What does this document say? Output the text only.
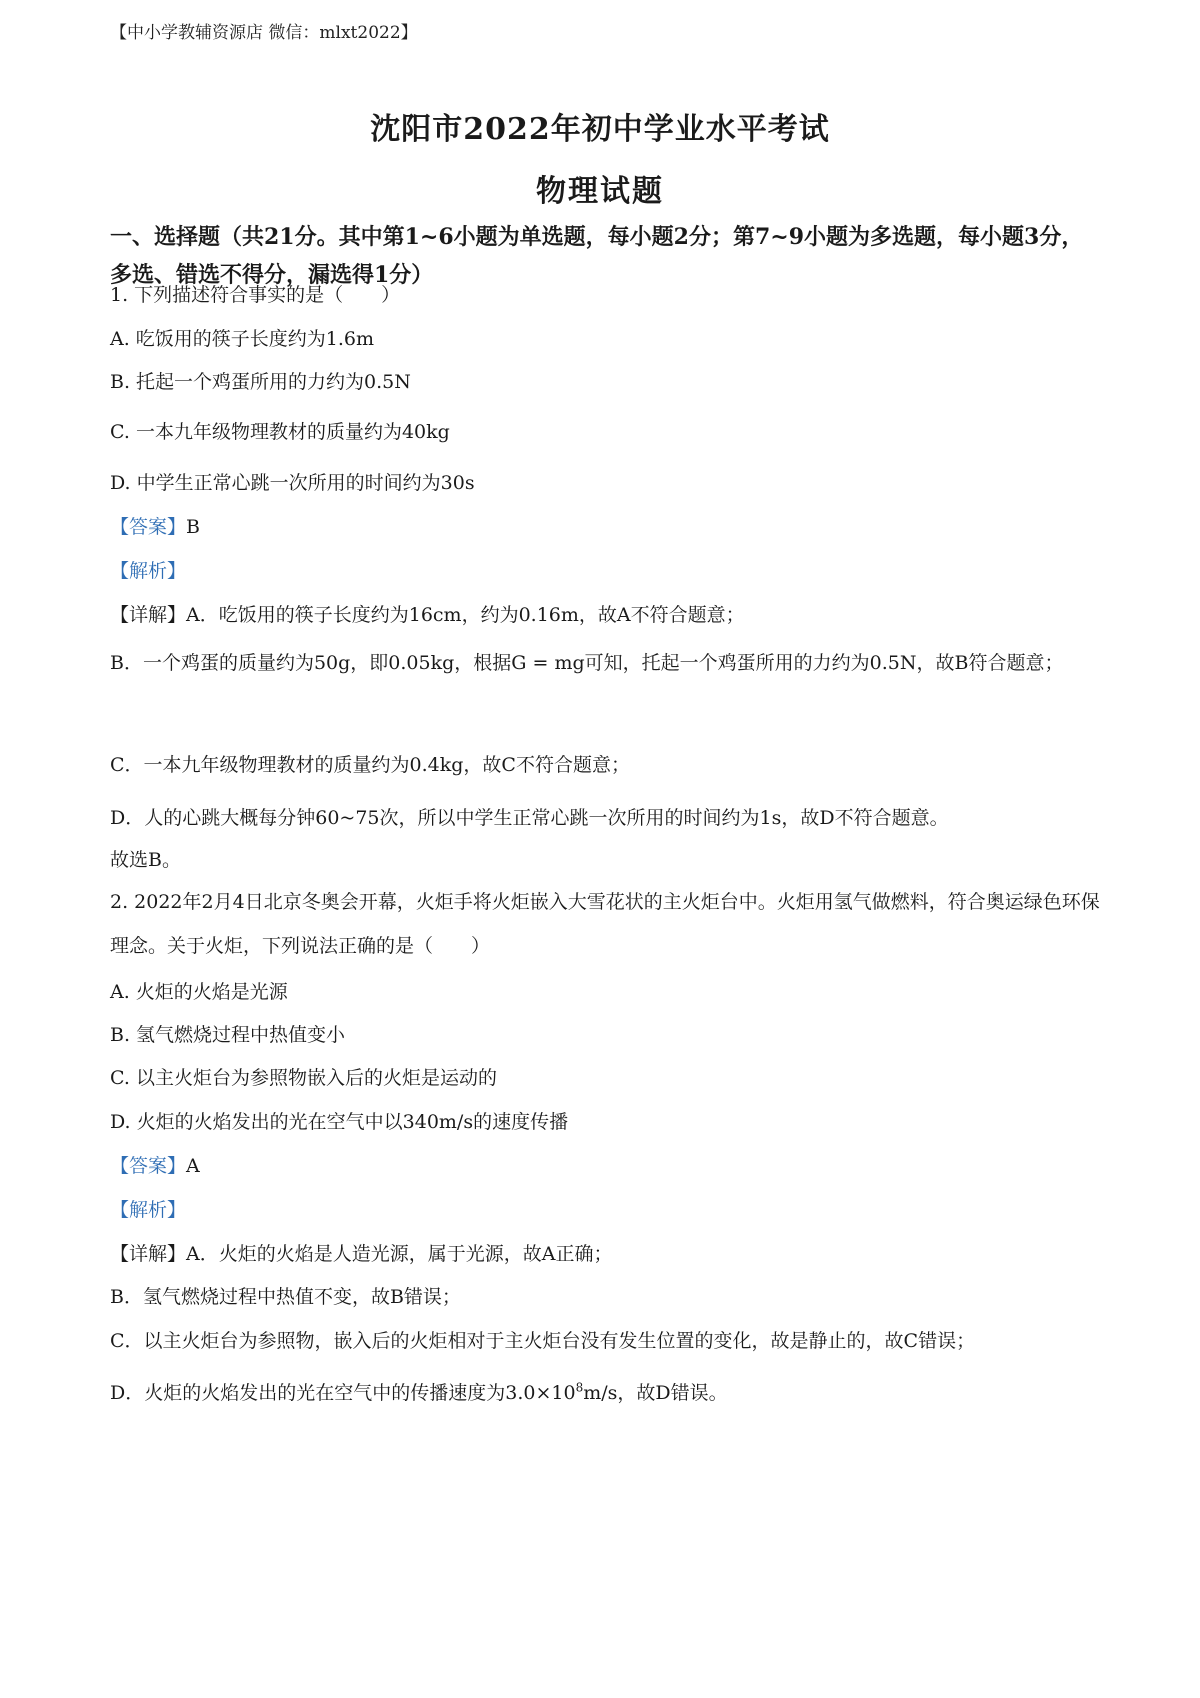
【中小学教辅资源店 微信：mlxt2022】
沈阳市2022年初中学业水平考试
物理试题
一、选择题（共21分。其中第1~6小题为单选题，每小题2分；第7~9小题为多选题，每小题3分，多选、错选不得分，漏选得1分）
1. 下列描述符合事实的是（　　）
A. 吃饭用的筷子长度约为1.6m
B. 托起一个鸡蛋所用的力约为0.5N
C. 一本九年级物理教材的质量约为40kg
D. 中学生正常心跳一次所用的时间约为30s
【答案】B
【解析】
【详解】A．吃饭用的筷子长度约为16cm，约为0.16m，故A不符合题意；
B．一个鸡蛋的质量约为50g，即0.05kg，根据G = mg可知，托起一个鸡蛋所用的力约为0.5N，故B符合题意；
C．一本九年级物理教材的质量约为0.4kg，故C不符合题意；
D．人的心跳大概每分钟60~75次，所以中学生正常心跳一次所用的时间约为1s，故D不符合题意。
故选B。
2. 2022年2月4日北京冬奥会开幕，火炬手将火炬嵌入大雪花状的主火炬台中。火炬用氢气做燃料，符合奥运绿色环保理念。关于火炬，下列说法正确的是（　　）
A. 火炬的火焰是光源
B. 氢气燃烧过程中热值变小
C. 以主火炬台为参照物嵌入后的火炬是运动的
D. 火炬的火焰发出的光在空气中以340m/s的速度传播
【答案】A
【解析】
【详解】A．火炬的火焰是人造光源，属于光源，故A正确；
B．氢气燃烧过程中热值不变，故B错误；
C．以主火炬台为参照物，嵌入后的火炬相对于主火炬台没有发生位置的变化，故是静止的，故C错误；
D．火炬的火焰发出的光在空气中的传播速度为$3.0\times 10^8m/s$，故D错误。
